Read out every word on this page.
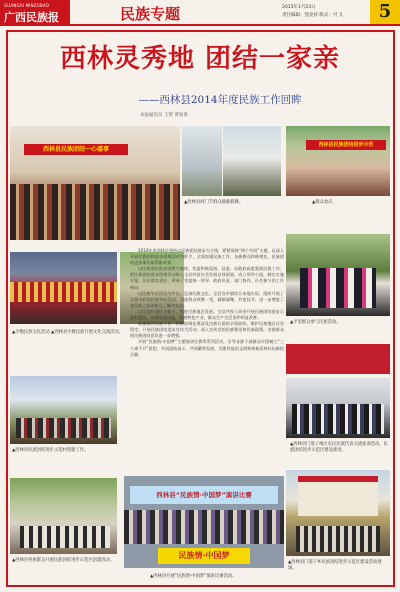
GUANGXI MINZUBAO
广西民族报	民族专题	2015年1月23日
责任编辑：凯亮祥 版式：可 儿	5
西林灵秀地 团结一家亲
——西林县2014年度民族工作回眸
本报通讯员 王帮 黄旭勇
西林县民族团结一心盛事
▲西林县两门节群众载歌载舞。
西林县民族团结进步示范
▲群众欢庆
▲少数民族文化活动 ▲西林县少数民族开展文化交流活动。
▲平里群众参与民族活动。

2014年来西林县坚持以民族团结进步为主线，紧紧围绕“两个共同”主题，以深入开展民族团结进步创建活动为抓手，全面加强民族工作，各族群众和谐相处，民族团结进步事业取得新成效。

以民族团结进步创建为载体，营造和谐氛围。县委、县政府高度重视民族工作，把民族团结进步创建活动纳入全县经济社会发展总体规划，成立领导小组，制定实施方案，层层落实责任，形成了党委统一领导、政府负责、部门协作、社会参与的工作格局。

以民族节庆活动为平台，弘扬民族文化。全县各乡镇结合本地实际，组织开展了丰富多彩的民族节庆活动，各族群众欢聚一堂，载歌载舞，共度佳节，进一步增进了各民族之间的相互了解和友谊。

以示范村建设为抓手，推进民族地区发展。全县共投入资金开展民族团结进步示范村建设，完善基础设施，发展特色产业，群众生产生活条件明显改善。

加强基层民族工作，积极协调处理涉及民族方面的矛盾纠纷，维护民族地区社会稳定。开展民族团结进步宣传月活动，深入宣传党的民族理论和民族政策，各族群众的民族团结意识进一步增强。

开展“民族情·中国梦”主题演讲比赛等系列活动，引导各族干部群众牢固树立“三个离不开”思想，共同团结奋斗、共同繁荣发展，为建设富裕文明和谐新西林作出新的贡献。

▲西林县民族团结进步示范村创建工作。
▲西林县门道子地区农民民族代表交流座谈活动，民族团结进步示范区建设推进。
▲西林县各族群众开展民族团结进步示范区创建活动。
西林县“民族情·中国梦”演讲比赛
民族情·中国梦
▲西林县开展“民族情·中国梦”演讲比赛活动。
▲西林县门道子乡民族团结进步示范区建设活动现场。
